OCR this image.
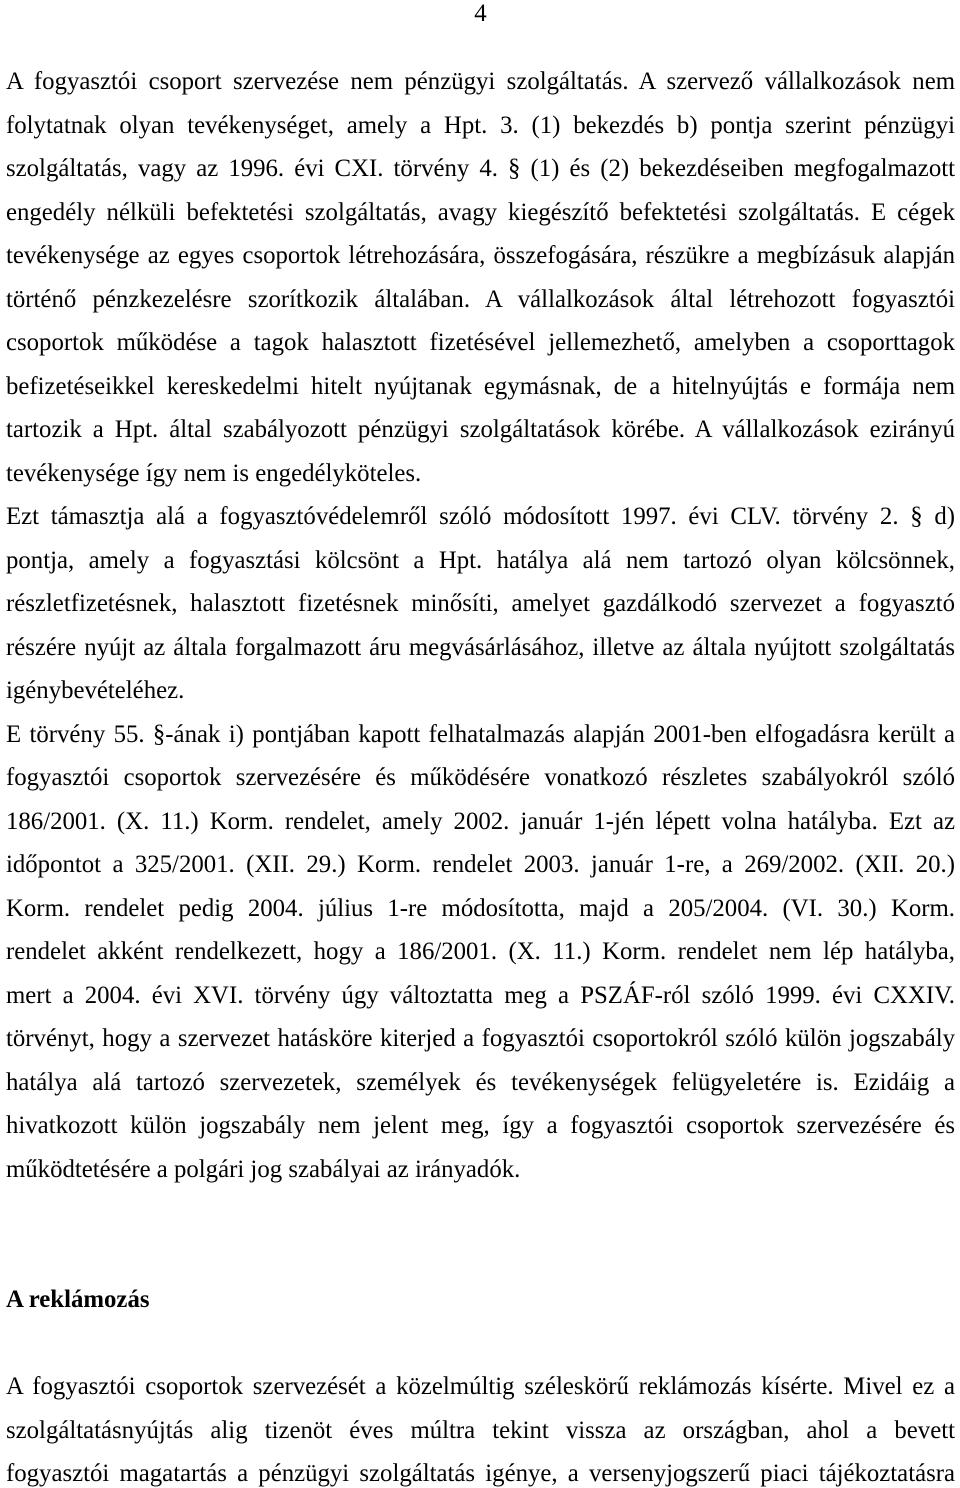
4
A fogyasztói csoport szervezése nem pénzügyi szolgáltatás. A szervező vállalkozások nem
folytatnak olyan tevékenységet, amely a Hpt. 3. (1) bekezdés b) pontja szerint pénzügyi
szolgáltatás, vagy az 1996. évi CXI. törvény 4. § (1) és (2) bekezdéseiben megfogalmazott
engedély nélküli befektetési szolgáltatás, avagy kiegészítő befektetési szolgáltatás. E cégek
tevékenysége az egyes csoportok létrehozására, összefogására, részükre a megbízásuk alapján
történő pénzkezelésre szorítkozik általában. A vállalkozások által létrehozott fogyasztói
csoportok működése a tagok halasztott fizetésével jellemezhető, amelyben a csoporttagok
befizetéseikkel kereskedelmi hitelt nyújtanak egymásnak, de a hitelnyújtás e formája nem
tartozik a Hpt. által szabályozott pénzügyi szolgáltatások körébe. A vállalkozások ezirányú
tevékenysége így nem is engedélyköteles.
Ezt támasztja alá a fogyasztóvédelemről szóló módosított 1997. évi CLV. törvény 2. § d)
pontja, amely a fogyasztási kölcsönt a Hpt. hatálya alá nem tartozó olyan kölcsönnek,
részletfizetésnek, halasztott fizetésnek minősíti, amelyet gazdálkodó szervezet a fogyasztó
részére nyújt az általa forgalmazott áru megvásárlásához, illetve az általa nyújtott szolgáltatás
igénybevételéhez.
E törvény 55. §-ának i) pontjában kapott felhatalmazás alapján 2001-ben elfogadásra került a
fogyasztói csoportok szervezésére és működésére vonatkozó részletes szabályokról szóló
186/2001. (X. 11.) Korm. rendelet, amely 2002. január 1-jén lépett volna hatályba. Ezt az
időpontot a 325/2001. (XII. 29.) Korm. rendelet 2003. január 1-re, a 269/2002. (XII. 20.)
Korm. rendelet pedig 2004. július 1-re módosította, majd a 205/2004. (VI. 30.) Korm.
rendelet akként rendelkezett, hogy a 186/2001. (X. 11.) Korm. rendelet nem lép hatályba,
mert a 2004. évi XVI. törvény úgy változtatta meg a PSZÁF-ról szóló 1999. évi CXXIV.
törvényt, hogy a szervezet hatásköre kiterjed a fogyasztói csoportokról szóló külön jogszabály
hatálya alá tartozó szervezetek, személyek és tevékenységek felügyeletére is. Ezidáig a
hivatkozott külön jogszabály nem jelent meg, így a fogyasztói csoportok szervezésére és
működtetésére a polgári jog szabályai az irányadók.
A reklámozás
A fogyasztói csoportok szervezését a közelmúltig széleskörű reklámozás kísérte. Mivel ez a
szolgáltatásnyújtás alig tizenöt éves múltra tekint vissza az országban, ahol a bevett
fogyasztói magatartás a pénzügyi szolgáltatás igénye, a versenyjogszerű piaci tájékoztatásra
